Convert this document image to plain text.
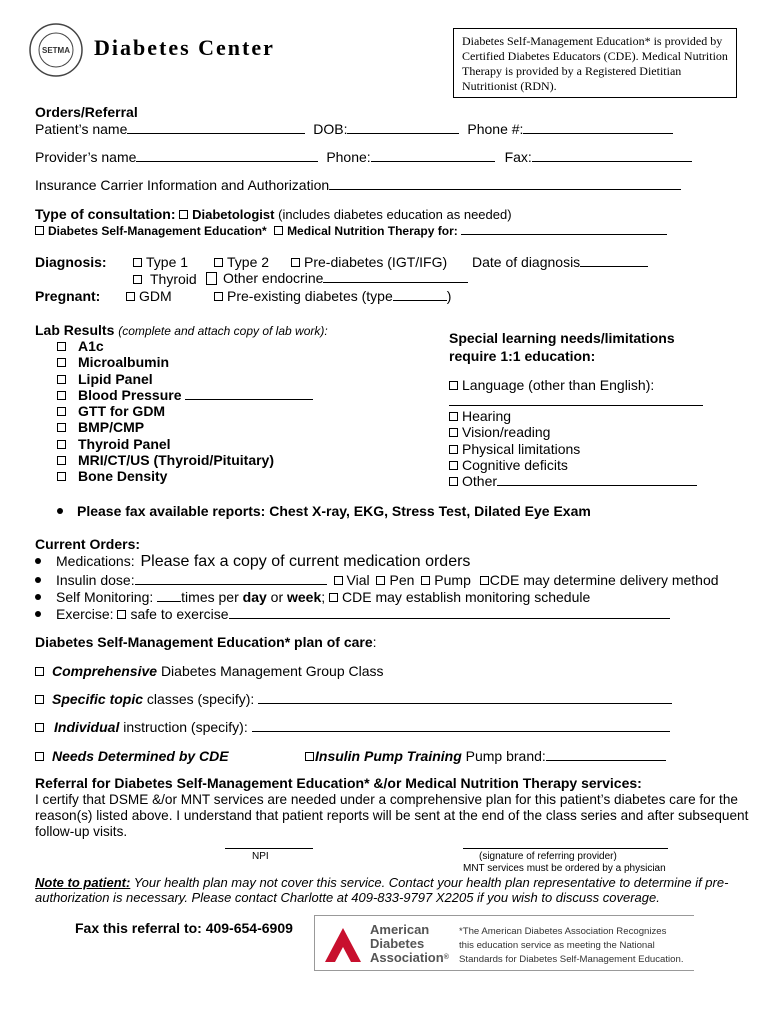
SETMA Diabetes Center	Diabetes Self-Management Education* is provided by Certified Diabetes Educators (CDE). Medical Nutrition Therapy is provided by a Registered Dietitian Nutritionist (RDN).
Orders/Referral
Patient’s name	DOB:	Phone #:
Provider’s name	Phone:	Fax:
Insurance Carrier Information and Authorization
Type of consultation: Diabetologist (includes diabetes education as needed)
Diabetes Self-Management Education* Medical Nutrition Therapy for:
Diagnosis:	Type 1	Type 2	Pre-diabetes (IGT/IFG) Date of diagnosis
Thyroid	Other endocrine
Pregnant:	GDM	Pre-existing diabetes (type	)
Lab Results (complete and attach copy of lab work):
A1c
Microalbumin
Lipid Panel
Blood Pressure
GTT for GDM
BMP/CMP
Thyroid Panel
MRI/CT/US (Thyroid/Pituitary)
Bone Density
Special learning needs/limitations
require 1:1 education:
Language (other than English):
Hearing
Vision/reading
Physical limitations
Cognitive deficits
Other
Please fax available reports: Chest X-ray, EKG, Stress Test, Dilated Eye Exam
Current Orders:
Medications: Please fax a copy of current medication orders
Insulin dose:	Vial Pen Pump CDE may determine delivery method
Self Monitoring: times per day or week; CDE may establish monitoring schedule
Exercise: safe to exercise
Diabetes Self-Management Education* plan of care:
Comprehensive Diabetes Management Group Class
Specific topic classes (specify):
Individual instruction (specify):
Needs Determined by CDE	Insulin Pump Training Pump brand:
Referral for Diabetes Self-Management Education* &/or Medical Nutrition Therapy services:
I certify that DSME &/or MNT services are needed under a comprehensive plan for this patient’s diabetes care for the
reason(s) listed above. I understand that patient reports will be sent at the end of the class series and after subsequent
follow-up visits.
NPI	(signature of referring provider)
MNT services must be ordered by a physician
Note to patient: Your health plan may not cover this service. Contact your health plan representative to determine if pre-
authorization is necessary. Please contact Charlotte at 409-833-9797 X2205 if you wish to discuss coverage.
Fax this referral to: 409-654-6909	American
Diabetes
Association®
*The American Diabetes Association Recognizes
this education service as meeting the National
Standards for Diabetes Self-Management Education.
